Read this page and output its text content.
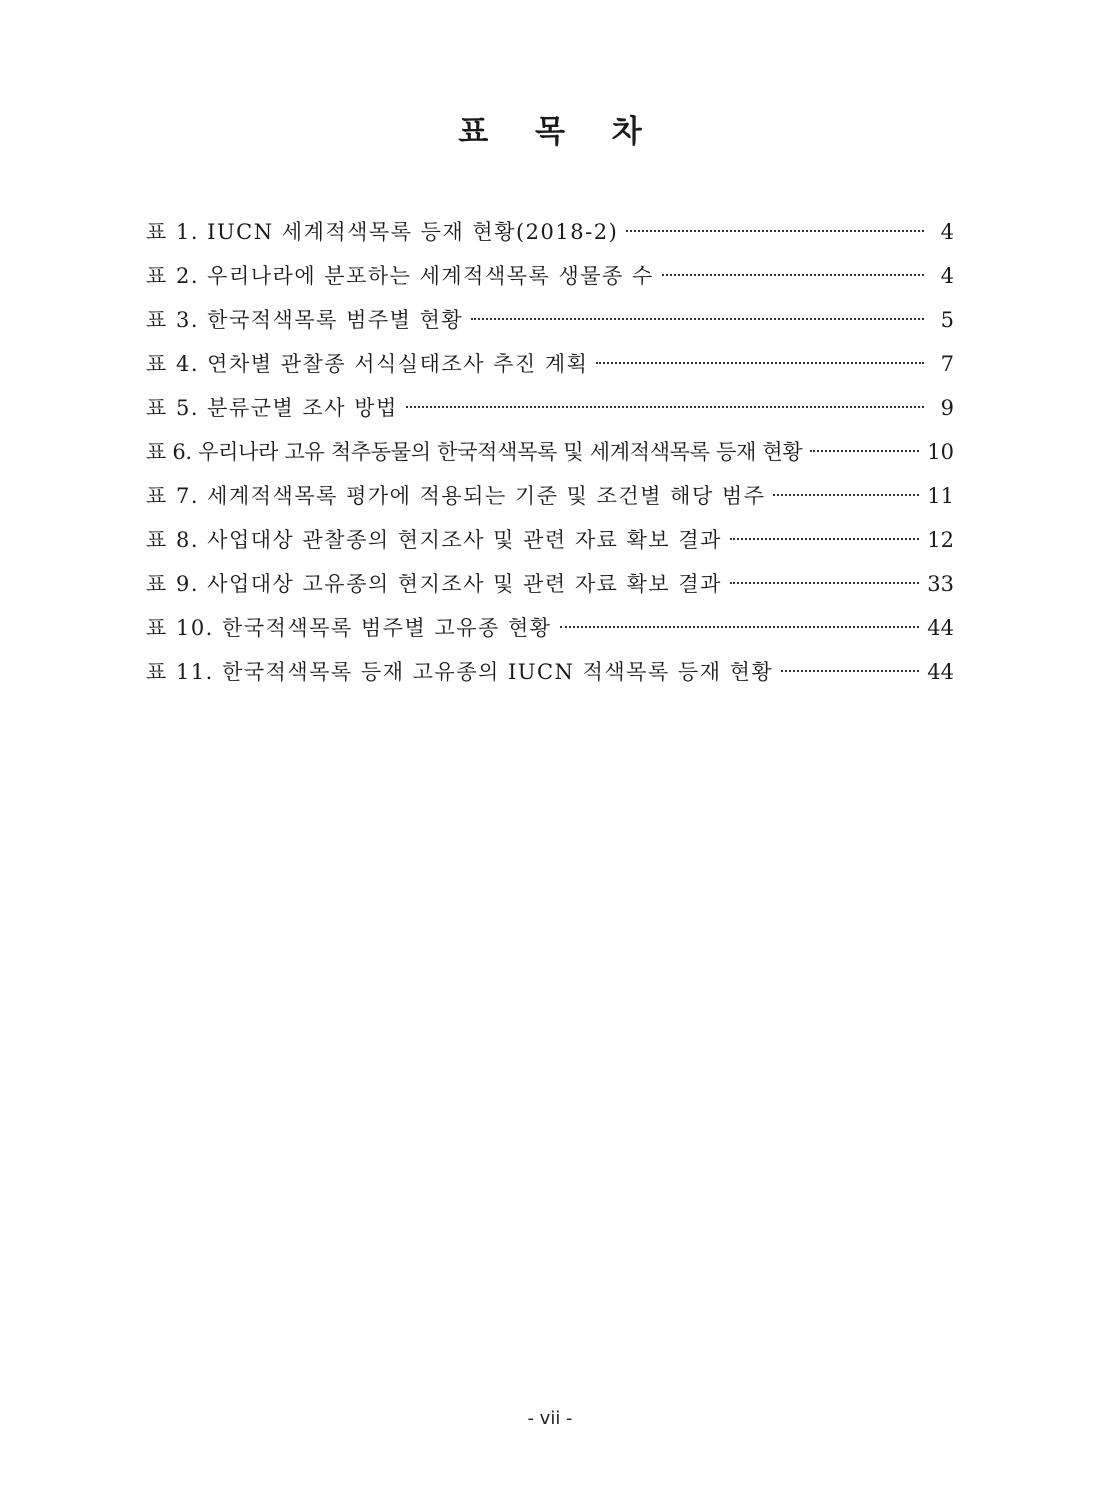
표 목 차
표 1. IUCN 세계적색목록 등재 현황(2018-2)	4
표 2. 우리나라에 분포하는 세계적색목록 생물종 수	4
표 3. 한국적색목록 범주별 현황	5
표 4. 연차별 관찰종 서식실태조사 추진 계획	7
표 5. 분류군별 조사 방법	9
표 6. 우리나라 고유 척추동물의 한국적색목록 및 세계적색목록 등재 현황	10
표 7. 세계적색목록 평가에 적용되는 기준 및 조건별 해당 범주	11
표 8. 사업대상 관찰종의 현지조사 및 관련 자료 확보 결과	12
표 9. 사업대상 고유종의 현지조사 및 관련 자료 확보 결과	33
표 10. 한국적색목록 범주별 고유종 현황	44
표 11. 한국적색목록 등재 고유종의 IUCN 적색목록 등재 현황	44
- vii -
